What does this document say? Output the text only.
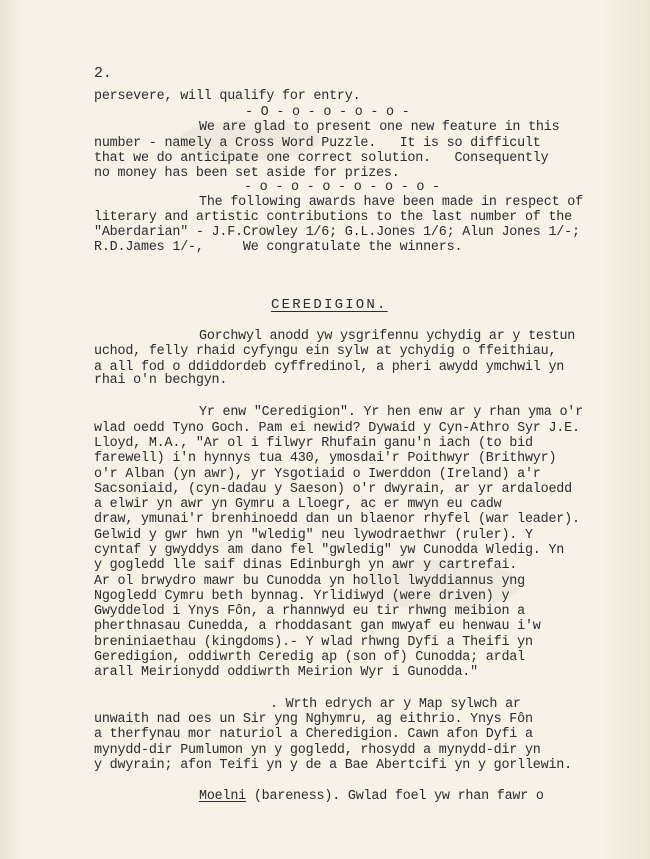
2.
persevere, will qualify for entry.
- O - o - o - o - o -
We are glad to present one new feature in this
number - namely a Cross Word Puzzle.   It is so difficult
that we do anticipate one correct solution.   Consequently
no money has been set aside for prizes.
- o - o - o - o - o - o -
The following awards have been made in respect of
literary and artistic contributions to the last number of the
"Aberdarian" - J.F.Crowley 1/6; G.L.Jones 1/6; Alun Jones 1/-;
R.D.James 1/-,     We congratulate the winners.
CEREDIGION.
Gorchwyl anodd yw ysgrifennu ychydig ar y testun
uchod, felly rhaid cyfyngu ein sylw at ychydig o ffeithiau,
a all fod o ddiddordeb cyffredinol, a pheri awydd ymchwil yn
rhai o'n bechgyn.
Yr enw "Ceredigion". Yr hen enw ar y rhan yma o'r
wlad oedd Tyno Goch. Pam ei newid? Dywaid y Cyn-Athro Syr J.E.
Lloyd, M.A., "Ar ol i filwyr Rhufain ganu'n iach (to bid
farewell) i'n hynnys tua 430, ymosdai'r Poithwyr (Brithwyr)
o'r Alban (yn awr), yr Ysgotiaid o Iwerddon (Ireland) a'r
Sacsoniaid, (cyn-dadau y Saeson) o'r dwyrain, ar yr ardaloedd
a elwir yn awr yn Gymru a Lloegr, ac er mwyn eu cadw
draw, ymunai'r brenhinoedd dan un blaenor rhyfel (war leader).
Gelwid y gwr hwn yn "wledig" neu lywodraethwr (ruler). Y
cyntaf y gwyddys am dano fel "gwledig" yw Cunodda Wledig. Yn
y gogledd lle saif dinas Edinburgh yn awr y cartrefai.
Ar ol brwydro mawr bu Cunodda yn hollol lwyddiannus yng
Ngogledd Cymru beth bynnag. Yrlidiwyd (were driven) y
Gwyddelod i Ynys Fôn, a rhannwyd eu tir rhwng meibion a
pherthnasau Cunedda, a rhoddasant gan mwyaf eu henwau i'w
breniniaethau (kingdoms).- Y wlad rhwng Dyfi a Theifi yn
Geredigion, oddiwrth Ceredig ap (son of) Cunodda; ardal
arall Meirionydd oddiwrth Meirion Wyr i Gunodda."
. Wrth edrych ar y Map sylwch ar
unwaith nad oes un Sir yng Nghymru, ag eithrio. Ynys Fôn
a therfynau mor naturiol a Cheredigion. Cawn afon Dyfi a
mynydd-dir Pumlumon yn y gogledd, rhosydd a mynydd-dir yn
y dwyrain; afon Teifi yn y de a Bae Abertcifi yn y gorllewin.
Moelni (bareness). Gwlad foel yw rhan fawr o
